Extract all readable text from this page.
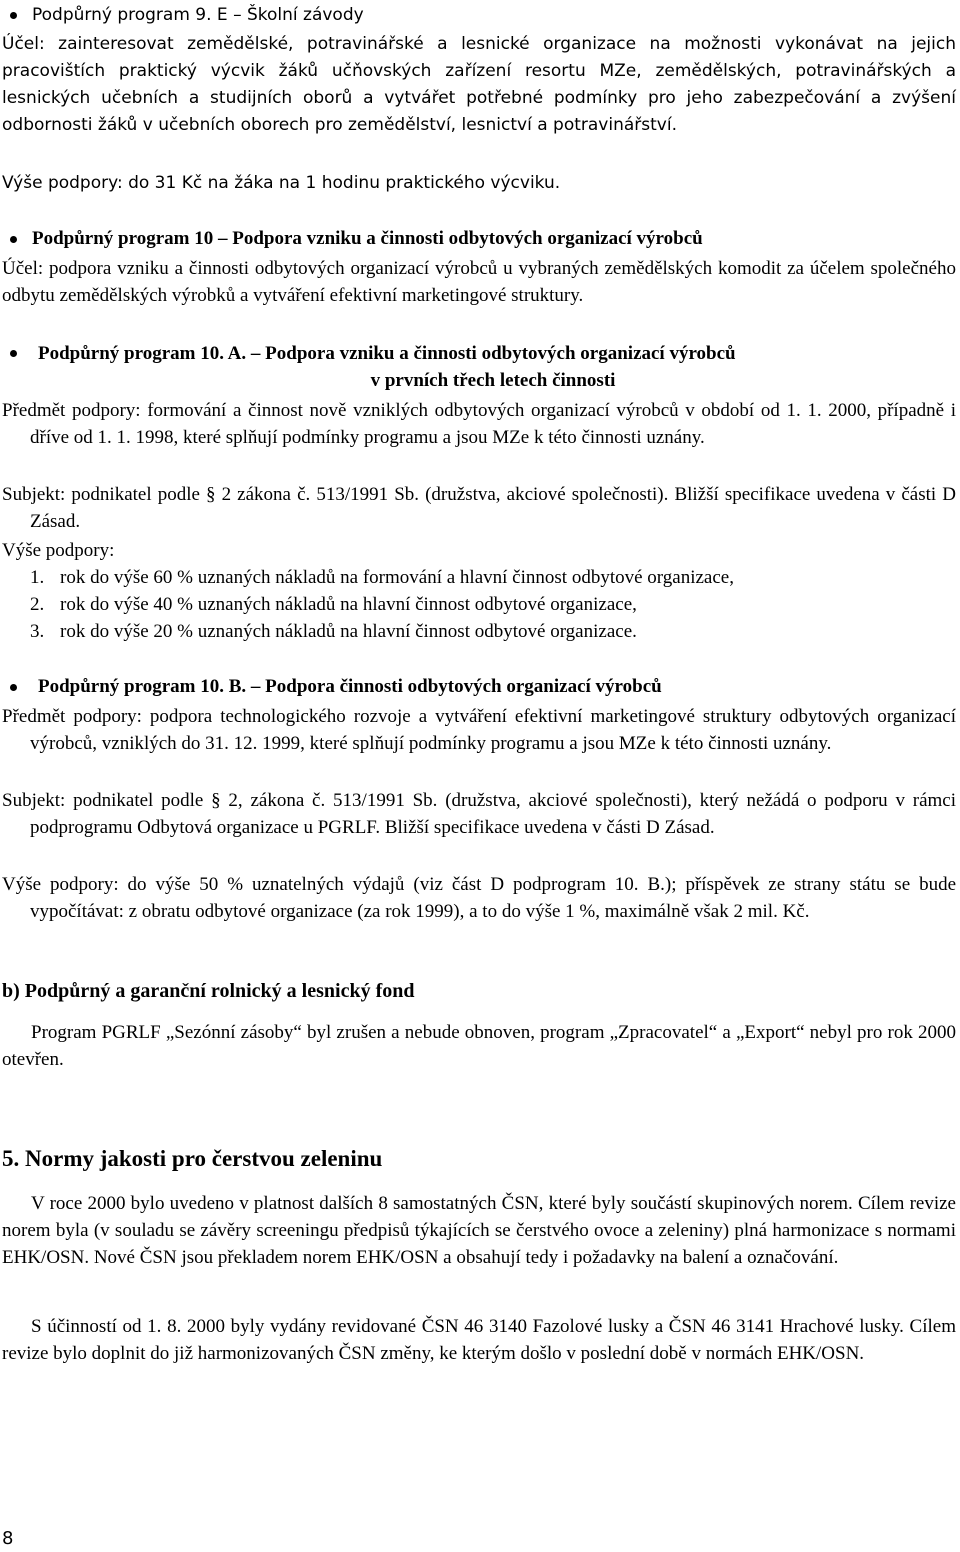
Podpůrný program 9. E – Školní závody
Účel: zainteresovat zemědělské, potravinářské a lesnické organizace na možnosti vykonávat na jejich pracovištích praktický výcvik žáků učňovských zařízení resortu MZe, zemědělských, potravinářských a lesnických učebních a studijních oborů a vytvářet potřebné podmínky pro jeho zabezpečování a zvýšení odbornosti žáků v učebních oborech pro zemědělství, lesnictví a potravinářství.
Výše podpory: do 31 Kč na žáka na 1 hodinu praktického výcviku.
Podpůrný program 10 – Podpora vzniku a činnosti odbytových organizací výrobců
Účel: podpora vzniku a činnosti odbytových organizací výrobců u vybraných zemědělských komodit za účelem společného odbytu zemědělských výrobků a vytváření efektivní marketingové struktury.
Podpůrný program 10. A. – Podpora vzniku a činnosti odbytových organizací výrobců
v prvních třech letech činnosti
Předmět podpory: formování a činnost nově vzniklých odbytových organizací výrobců v období od 1. 1. 2000, případně i dříve od 1. 1. 1998, které splňují podmínky programu a jsou MZe k této činnosti uznány.
Subjekt: podnikatel podle § 2 zákona č. 513/1991 Sb. (družstva, akciové společnosti). Bližší specifikace uvedena v části D Zásad.
Výše podpory:
1. rok do výše 60 % uznaných nákladů na formování a hlavní činnost odbytové organizace,
2. rok do výše 40 % uznaných nákladů na hlavní činnost odbytové organizace,
3. rok do výše 20 % uznaných nákladů na hlavní činnost odbytové organizace.
Podpůrný program 10. B. – Podpora činnosti odbytových organizací výrobců
Předmět podpory: podpora technologického rozvoje a vytváření efektivní marketingové struktury odbytových organizací výrobců, vzniklých do 31. 12. 1999, které splňují podmínky programu a jsou MZe k této činnosti uznány.
Subjekt: podnikatel podle § 2, zákona č. 513/1991 Sb. (družstva, akciové společnosti), který nežádá o podporu v rámci podprogramu Odbytová organizace u PGRLF. Bližší specifikace uvedena v části D Zásad.
Výše podpory: do výše 50 % uznatelných výdajů (viz část D podprogram 10. B.); příspěvek ze strany státu se bude vypočítávat: z obratu odbytové organizace (za rok 1999), a to do výše 1 %, maximálně však 2 mil. Kč.
b) Podpůrný a garanční rolnický a lesnický fond
Program PGRLF „Sezónní zásoby“ byl zrušen a nebude obnoven, program „Zpracovatel“ a „Export“ nebyl pro rok 2000 otevřen.
5. Normy jakosti pro čerstvou zeleninu
V roce 2000 bylo uvedeno v platnost dalších 8 samostatných ČSN, které byly součástí skupinových norem. Cílem revize norem byla (v souladu se závěry screeningu předpisů týkajících se čerstvého ovoce a zeleniny) plná harmonizace s normami EHK/OSN. Nové ČSN jsou překladem norem EHK/OSN a obsahují tedy i požadavky na balení a označování.
S účinností od 1. 8. 2000 byly vydány revidované ČSN 46 3140 Fazolové lusky a ČSN 46 3141 Hrachové lusky. Cílem revize bylo doplnit do již harmonizovaných ČSN změny, ke kterým došlo v poslední době v normách EHK/OSN.
8
